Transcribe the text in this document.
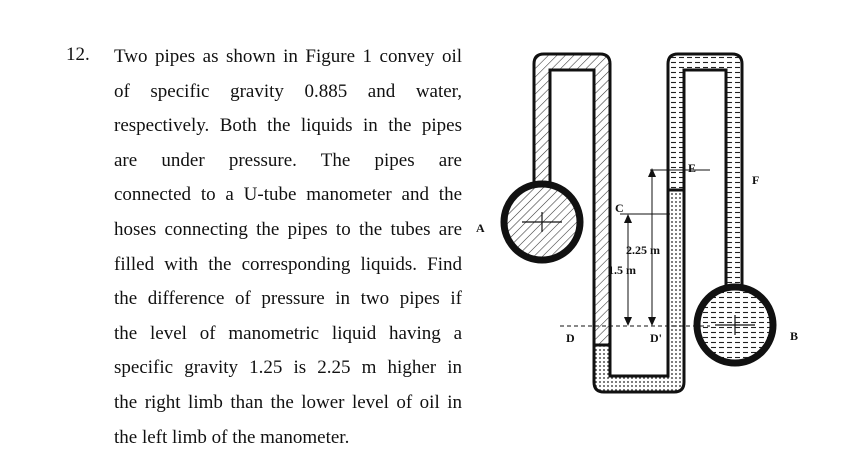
12. Two pipes as shown in Figure 1 convey oil
of specific gravity 0.885 and water,
respectively. Both the liquids in the pipes
are under pressure. The pipes are
connected to a U-tube manometer and the
hoses connecting the pipes to the tubes are
filled with the corresponding liquids. Find
the difference of pressure in two pipes if
the level of manometric liquid having a
specific gravity 1.25 is 2.25 m higher in
the right limb than the lower level of oil in
the left limb of the manometer.
A
B
C
D	D'
E
F
2.25 m
1.5 m
